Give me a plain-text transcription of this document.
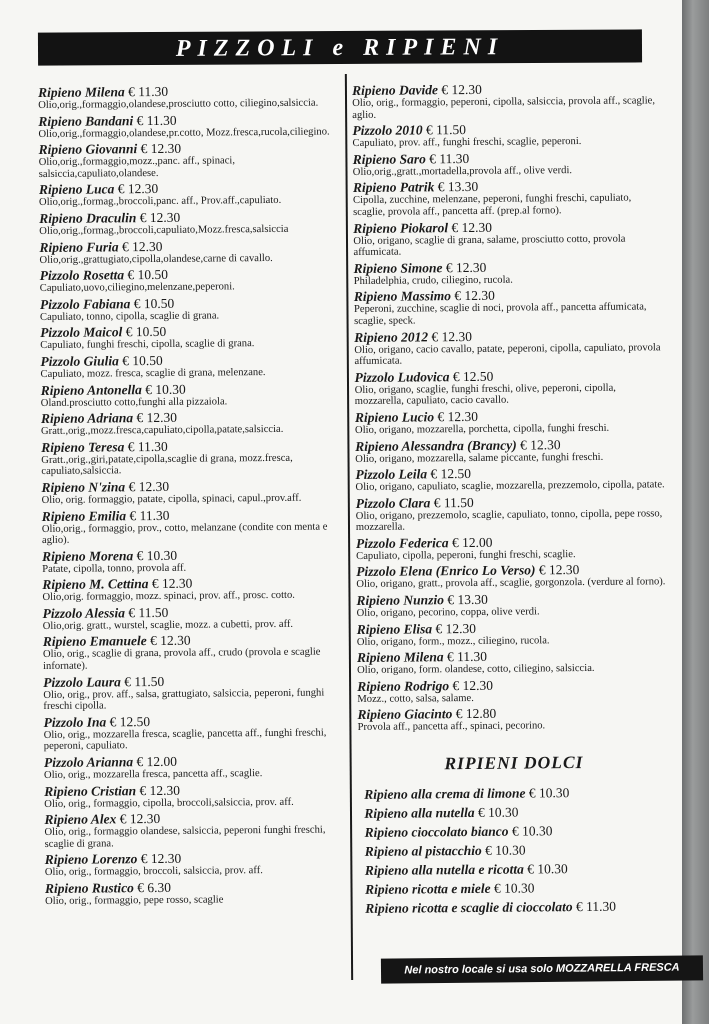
PIZZOLI e RIPIENI
Ripieno Milena € 11.30
Olio,orig.,formaggio,olandese,prosciutto cotto, ciliegino,salsiccia.
Ripieno Bandani € 11.30
Olio,orig.,formaggio,olandese,pr.cotto, Mozz.fresca,rucola,ciliegino.
Ripieno Giovanni € 12.30
Olio,orig.,formaggio,mozz.,panc. aff., spinaci, salsiccia,capuliato,olandese.
Ripieno Luca € 12.30
Olio,orig.,formag.,broccoli,panc. aff., Prov.aff.,capuliato.
Ripieno Draculin € 12.30
Olio,orig.,formag.,broccoli,capuliato,Mozz.fresca,salsiccia
Ripieno Furia € 12.30
Olio,orig.,grattugiato,cipolla,olandese,carne di cavallo.
Pizzolo Rosetta € 10.50
Capuliato,uovo,ciliegino,melenzane,peperoni.
Pizzolo Fabiana € 10.50
Capuliato, tonno, cipolla, scaglie di grana.
Pizzolo Maicol € 10.50
Capuliato, funghi freschi, cipolla, scaglie di grana.
Pizzolo Giulia € 10.50
Capuliato, mozz. fresca, scaglie di grana, melenzane.
Ripieno Antonella € 10.30
Oland.prosciutto cotto,funghi alla pizzaiola.
Ripieno Adriana € 12.30
Gratt.,orig.,mozz.fresca,capuliato,cipolla,patate,salsiccia.
Ripieno Teresa € 11.30
Gratt.,orig.,giri,patate,cipolla,scaglie di grana, mozz.fresca, capuliato,salsiccia.
Ripieno N'zina € 12.30
Olio, orig. formaggio, patate, cipolla, spinaci, capul.,prov.aff.
Ripieno Emilia € 11.30
Olio,orig., formaggio, prov., cotto, melanzane (condite con menta e aglio).
Ripieno Morena € 10.30
Patate, cipolla, tonno, provola aff.
Ripieno M. Cettina € 12.30
Olio,orig. formaggio, mozz. spinaci, prov. aff., prosc. cotto.
Pizzolo Alessia € 11.50
Olio,orig. gratt., wurstel, scaglie, mozz. a cubetti, prov. aff.
Ripieno Emanuele € 12.30
Olio, orig., scaglie di grana, provola aff., crudo (provola e scaglie infornate).
Pizzolo Laura € 11.50
Olio, orig., prov. aff., salsa, grattugiato, salsiccia, peperoni, funghi freschi cipolla.
Pizzolo Ina € 12.50
Olio, orig., mozzarella fresca, scaglie, pancetta aff., funghi freschi, peperoni, capuliato.
Pizzolo Arianna € 12.00
Olio, orig., mozzarella fresca, pancetta aff., scaglie.
Ripieno Cristian € 12.30
Olio, orig., formaggio, cipolla, broccoli,salsiccia, prov. aff.
Ripieno Alex € 12.30
Olio, orig., formaggio olandese, salsiccia, peperoni funghi freschi, scaglie di grana.
Ripieno Lorenzo € 12.30
Olio, orig., formaggio, broccoli, salsiccia, prov. aff.
Ripieno Rustico € 6.30
Olio, orig., formaggio, pepe rosso, scaglie
Ripieno Davide € 12.30
Olio, orig., formaggio, peperoni, cipolla, salsiccia, provola aff., scaglie, aglio.
Pizzolo 2010 € 11.50
Capuliato, prov. aff., funghi freschi, scaglie, peperoni.
Ripieno Saro € 11.30
Olio,orig.,gratt.,mortadella,provola aff., olive verdi.
Ripieno Patrik € 13.30
Cipolla, zucchine, melenzane, peperoni, funghi freschi, capuliato, scaglie, provola aff., pancetta aff. (prep.al forno).
Ripieno Piokarol € 12.30
Olio, origano, scaglie di grana, salame, prosciutto cotto, provola affumicata.
Ripieno Simone € 12.30
Philadelphia, crudo, ciliegino, rucola.
Ripieno Massimo € 12.30
Peperoni, zucchine, scaglie di noci, provola aff., pancetta affumicata, scaglie, speck.
Ripieno 2012 € 12.30
Olio, origano, cacio cavallo, patate, peperoni, cipolla, capuliato, provola affumicata.
Pizzolo Ludovica € 12.50
Olio, origano, scaglie, funghi freschi, olive, peperoni, cipolla, mozzarella, capuliato, cacio cavallo.
Ripieno Lucio € 12.30
Olio, origano, mozzarella, porchetta, cipolla, funghi freschi.
Ripieno Alessandra (Brancy) € 12.30
Olio, origano, mozzarella, salame piccante, funghi freschi.
Pizzolo Leila € 12.50
Olio, origano, capuliato, scaglie, mozzarella, prezzemolo, cipolla, patate.
Pizzolo Clara € 11.50
Olio, origano, prezzemolo, scaglie, capuliato, tonno, cipolla, pepe rosso, mozzarella.
Pizzolo Federica € 12.00
Capuliato, cipolla, peperoni, funghi freschi, scaglie.
Pizzolo Elena (Enrico Lo Verso) € 12.30
Olio, origano, gratt., provola aff., scaglie, gorgonzola. (verdure al forno).
Ripieno Nunzio € 13.30
Olio, origano, pecorino, coppa, olive verdi.
Ripieno Elisa € 12.30
Olio, origano, form., mozz., ciliegino, rucola.
Ripieno Milena € 11.30
Olio, origano, form. olandese, cotto, ciliegino, salsiccia.
Ripieno Rodrigo € 12.30
Mozz., cotto, salsa, salame.
Ripieno Giacinto € 12.80
Provola aff., pancetta aff., spinaci, pecorino.
RIPIENI DOLCI
Ripieno alla crema di limone € 10.30
Ripieno alla nutella € 10.30
Ripieno cioccolato bianco € 10.30
Ripieno al pistacchio € 10.30
Ripieno alla nutella e ricotta € 10.30
Ripieno ricotta e miele € 10.30
Ripieno ricotta e scaglie di cioccolato € 11.30
Nel nostro locale si usa solo MOZZARELLA FRESCA
